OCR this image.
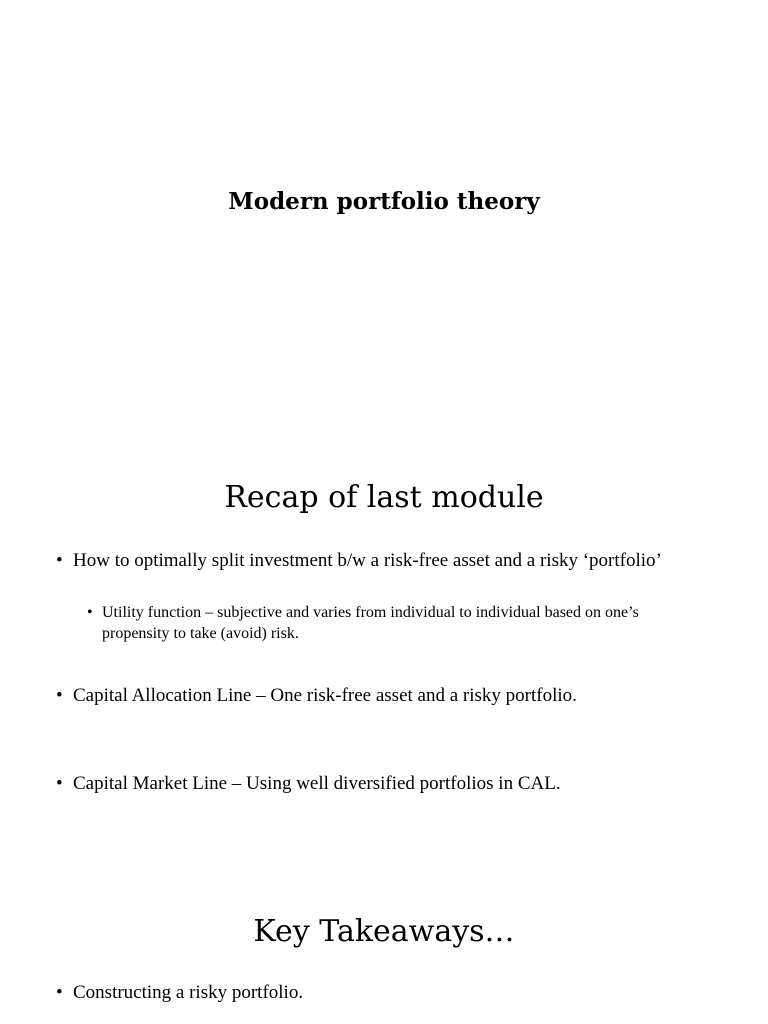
Modern portfolio theory
Recap of last module
• How to optimally split investment b/w a risk-free asset and a risky ‘portfolio’
• Utility function – subjective and varies from individual to individual based on one’s propensity to take (avoid) risk.
• Capital Allocation Line – One risk-free asset and a risky portfolio.
• Capital Market Line – Using well diversified portfolios in CAL.
Key Takeaways…
• Constructing a risky portfolio.
